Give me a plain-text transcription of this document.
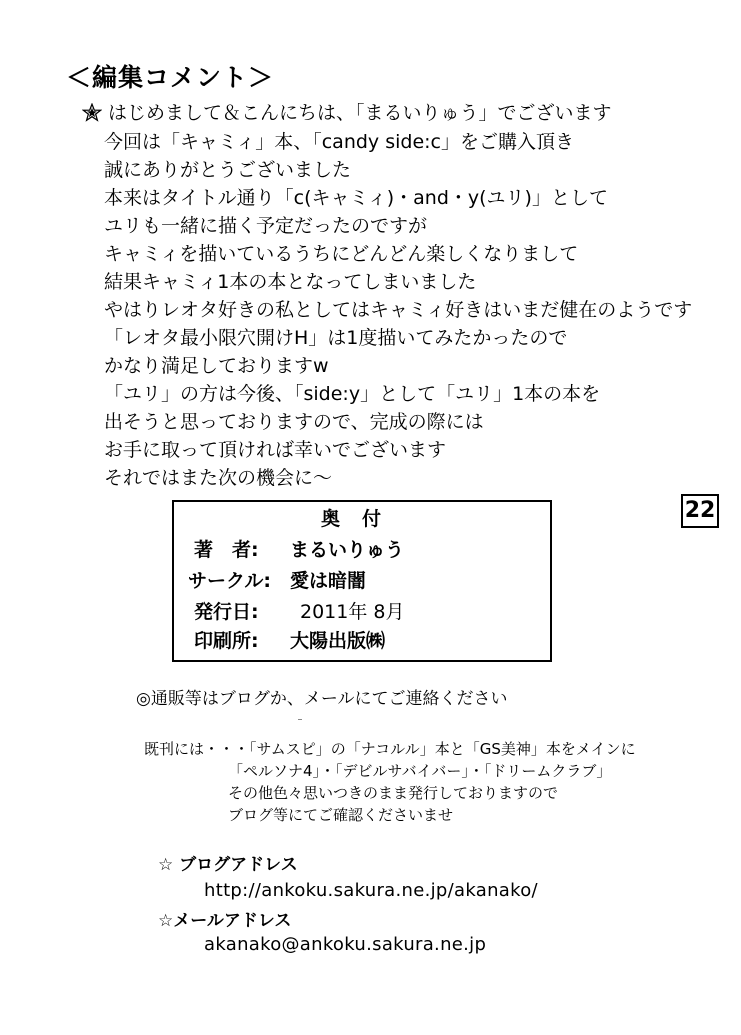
＜編集コメント＞
はじめまして＆こんにちは、「まるいりゅう」でございます
今回は「キャミィ」本、「candy side:c」をご購入頂き
誠にありがとうございました
本来はタイトル通り「c(キャミィ)・and・y(ユリ)」として
ユリも一緒に描く予定だったのですが
キャミィを描いているうちにどんどん楽しくなりまして
結果キャミィ1本の本となってしまいました
やはりレオタ好きの私としてはキャミィ好きはいまだ健在のようです
「レオタ最小限穴開けH」は1度描いてみたかったので
かなり満足しておりますw
「ユリ」の方は今後、「side:y」として「ユリ」1本の本を
出そうと思っておりますので、完成の際には
お手に取って頂ければ幸いでございます
それではまた次の機会に～
22
奥付
著　者: まるいりゅう
サークル: 愛は暗闇
発行日: 2011年 8月
印刷所: 大陽出版㈱
◎通販等はブログか、メールにてご連絡ください
既刊には・・・「サムスピ」の「ナコルル」本と「GS美神」本をメインに
「ペルソナ4」・「デビルサバイバー」・「ドリームクラブ」
その他色々思いつきのまま発行しておりますので
ブログ等にてご確認くださいませ
☆ ブログアドレス
http://ankoku.sakura.ne.jp/akanako/
☆メールアドレス
akanako@ankoku.sakura.ne.jp
